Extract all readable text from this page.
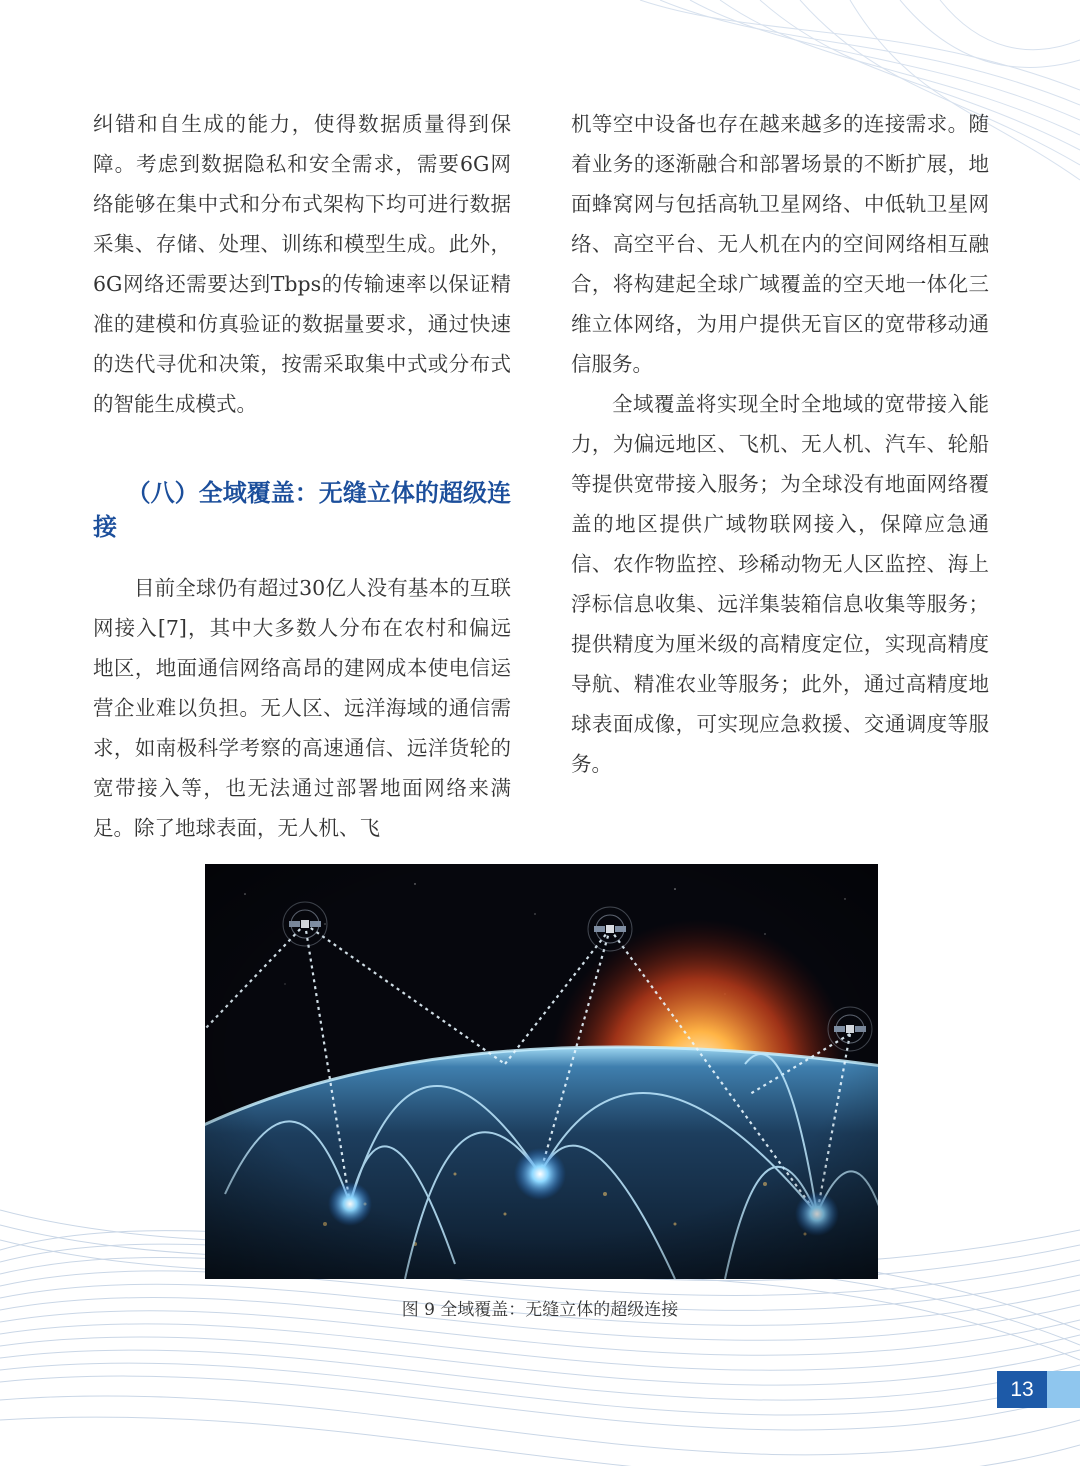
纠错和自生成的能力，使得数据质量得到保障。考虑到数据隐私和安全需求，需要6G网络能够在集中式和分布式架构下均可进行数据采集、存储、处理、训练和模型生成。此外，6G网络还需要达到Tbps的传输速率以保证精准的建模和仿真验证的数据量要求，通过快速的迭代寻优和决策，按需采取集中式或分布式的智能生成模式。

（八）全域覆盖：无缝立体的超级连接

目前全球仍有超过30亿人没有基本的互联网接入[7]，其中大多数人分布在农村和偏远地区，地面通信网络高昂的建网成本使电信运营企业难以负担。无人区、远洋海域的通信需求，如南极科学考察的高速通信、远洋货轮的宽带接入等，也无法通过部署地面网络来满足。除了地球表面，无人机、飞

机等空中设备也存在越来越多的连接需求。随着业务的逐渐融合和部署场景的不断扩展，地面蜂窝网与包括高轨卫星网络、中低轨卫星网络、高空平台、无人机在内的空间网络相互融合，将构建起全球广域覆盖的空天地一体化三维立体网络，为用户提供无盲区的宽带移动通信服务。

全域覆盖将实现全时全地域的宽带接入能力，为偏远地区、飞机、无人机、汽车、轮船等提供宽带接入服务；为全球没有地面网络覆盖的地区提供广域物联网接入，保障应急通信、农作物监控、珍稀动物无人区监控、海上浮标信息收集、远洋集装箱信息收集等服务；提供精度为厘米级的高精度定位，实现高精度导航、精准农业等服务；此外，通过高精度地球表面成像，可实现应急救援、交通调度等服务。

图 9 全域覆盖：无缝立体的超级连接
13
